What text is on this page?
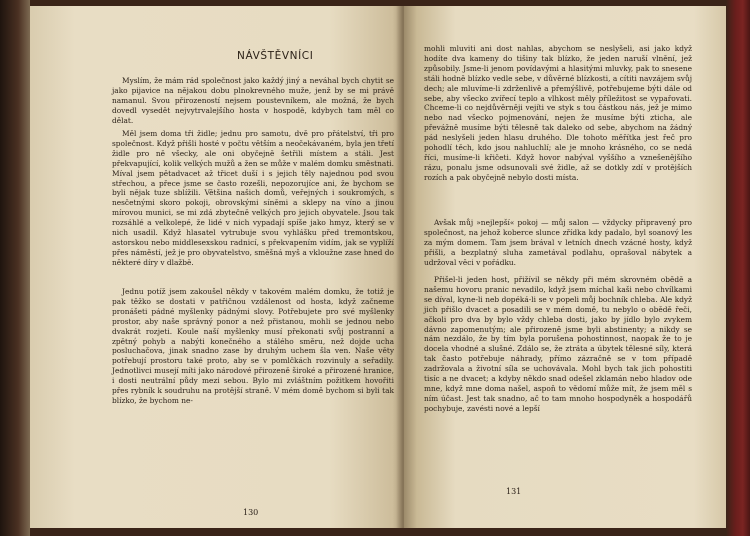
NÁVŠTĚVNÍCI

Myslím, že mám rád společnost jako každý jiný a neváhal bych chytit se jako pijavice na nějakou dobu plnokrevného muže, jenž by se mi právě namanul. Svou přirozeností nejsem poustevníkem, ale možná, že bych dovedl vysedět nejvytrvalejšího hosta v hospodě, kdybych tam měl co dělat.

Měl jsem doma tři židle; jednu pro samotu, dvě pro přátelství, tři pro společnost. Když přišli hosté v počtu větším a neočekávaném, byla jen třetí židle pro ně všecky, ale oni obyčejně šetřili místem a stáli. Jest překvapující, kolik velkých mužů a žen se může v malém domku směstnati. Míval jsem pětadvacet až třicet duší i s jejich těly najednou pod svou střechou, a přece jsme se často rozešli, nepozorujíce ani, že bychom se byli nějak tuze sblížili. Většina našich domů, veřejných i soukromých, s nesčetnými skoro pokoji, obrovskými síněmi a sklepy na víno a jinou mírovou munici, se mi zdá zbytečně velkých pro jejich obyvatele. Jsou tak rozsáhlé a velkolepé, že lidé v nich vypadají spíše jako hmyz, který se v nich usadil. Když hlasatel vytrubuje svou vyhlášku před tremontskou, astorskou nebo middlesexskou radnicí, s překvapením vidím, jak se vyplíží přes náměstí, jež je pro obyvatelstvo, směšná myš a vkloužne zase hned do některé díry v dlažbě.

Jednu potíž jsem zakoušel někdy v takovém malém domku, že totiž je pak těžko se dostati v patřičnou vzdálenost od hosta, když začneme pronášeti pádné myšlenky pádnými slovy. Potřebujete pro své myšlenky prostor, aby naše správný ponor a než přistanou, mohli se jednou nebo dvakrát rozjeti. Koule naší myšlenky musí překonati svůj postranní a zpětný pohyb a nabýti konečného a stálého směru, než dojde ucha posluchačova, jinak snadno zase by druhým uchem šla ven. Naše věty potřebují prostoru také proto, aby se v pomlčkách rozvinuly a seřadily. Jednotlivci musejí míti jako národové přirozeně široké a přirozené hranice, i dosti neutrální půdy mezi sebou. Bylo mi zvláštním požitkem hovořiti přes rybník k soudruhu na protější straně. V mém domě bychom si byli tak blízko, že bychom ne-

130

mohli mluviti ani dost nahlas, abychom se neslyšeli, asi jako když hodíte dva kameny do tišiny tak blízko, že jeden naruší vlnění, jež způsobily. Jsme-li jenom povídavými a hlasitými mluvky, pak to snesene stáli hodně blízko vedle sebe, v důvěrné blízkosti, a cítiti navzájem svůj dech; ale mluvíme-li zdrženlivě a přemýšlivě, potřebujeme býti dále od sebe, aby všecko zvířecí teplo a vlhkost měly příležitost se vypařovati. Chceme-li co nejdůvěrněji vejíti ve styk s tou částkou nás, jež je mimo nebo nad všecko pojmenování, nejen že musíme býti zticha, ale převážně musíme býti tělesně tak daleko od sebe, abychom na žádný pád neslyšeli jeden hlasu druhého. Dle tohoto měřítka jest řeč pro pohodlí těch, kdo jsou nahluchlí; ale je mnoho krásného, co se nedá říci, musíme-li křičeti. Když hovor nabýval vyššího a vznešenějšího rázu, ponalu jsme odsunovali své židle, až se dotkly zdí v protějších rozích a pak obyčejně nebylo dosti místa.

Avšak můj »nejlepší« pokoj — můj salon — vždycky připravený pro společnost, na jehož koberce slunce zřídka kdy padalo, byl soanový les za mým domem. Tam jsem brával v letních dnech vzácné hosty, když přišli, a bezplatný sluha zametával podlahu, oprašoval nábytek a udržoval věci v pořádku.

Přišel-li jeden host, přižívil se někdy při mém skrovném obědě a našemu hovoru pranic nevadilo, když jsem míchal kaši nebo chvílkami se díval, kyne-li neb dopéká-li se v popeli můj bochník chleba. Ale když jich přišlo dvacet a posadili se v mém domě, tu nebylo o obědě řeči, ačkoli pro dva by bylo vždy chleba dosti, jako by jídlo bylo zvykem dávno zapomenutým; ale přirozeně jsme byli abstinenty; a nikdy se nám nezdálo, že by tím byla porušena pohostinnost, naopak že to je docela vhodné a slušné. Zdálo se, že ztráta a úbytek tělesné síly, která tak často potřebuje náhrady, přímo zázračně se v tom případě zadržovala a životní síla se uchovávala. Mohl bych tak jich pohostiti tisíc a ne dvacet; a kdyby někdo snad odešel zklamán nebo hladov ode mne, když mne doma našel, aspoň to vědomí může mít, že jsem měl s ním účast. Jest tak snadno, ač to tam mnoho hospodyněk a hospodářů pochybuje, zavésti nové a lepší

131
